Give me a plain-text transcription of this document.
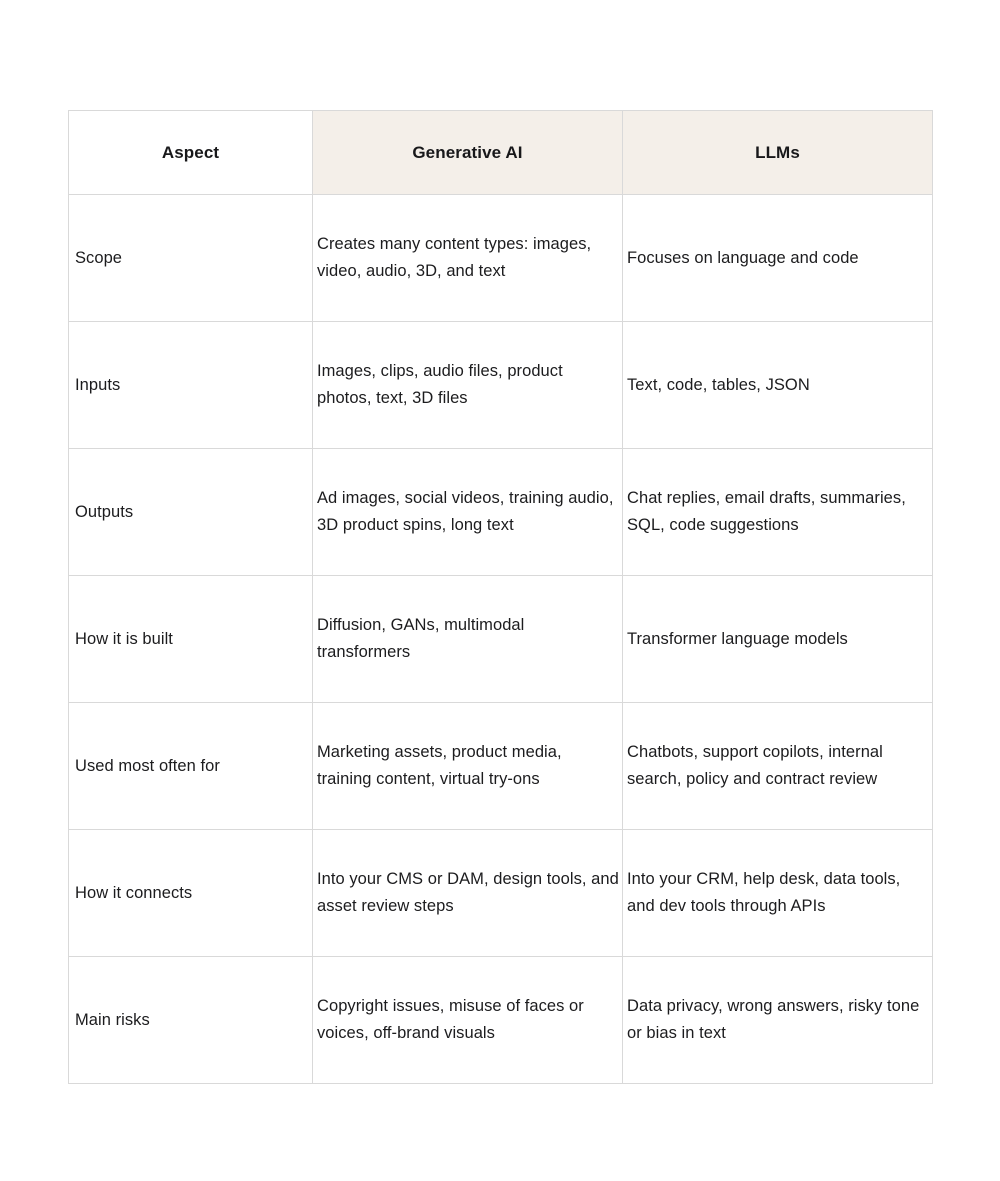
Aspect	Generative AI	LLMs

Scope	Creates many content types: images, video, audio, 3D, and text	Focuses on language and code

Inputs	Images, clips, audio files, product photos, text, 3D files	Text, code, tables, JSON

Outputs	Ad images, social videos, training audio, 3D product spins, long text	Chat replies, email drafts, summaries, SQL, code suggestions

How it is built	Diffusion, GANs, multimodal transformers	Transformer language models

Used most often for	Marketing assets, product media, training content, virtual try-ons	Chatbots, support copilots, internal search, policy and contract review

How it connects	Into your CMS or DAM, design tools, and asset review steps	Into your CRM, help desk, data tools, and dev tools through APIs

Main risks	Copyright issues, misuse of faces or voices, off-brand visuals	Data privacy, wrong answers, risky tone or bias in text
